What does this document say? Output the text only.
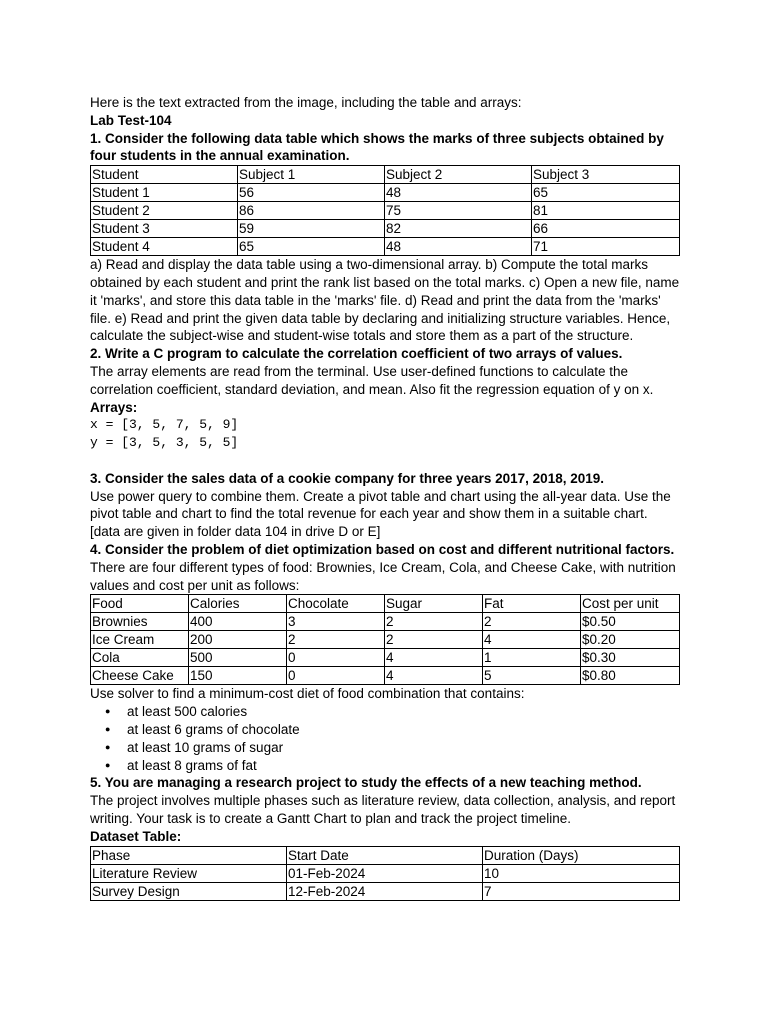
Here is the text extracted from the image, including the table and arrays:

Lab Test-104

1. Consider the following data table which shows the marks of three subjects obtained by four students in the annual examination.

Student	Subject 1	Subject 2	Subject 3
Student 1	56	48	65
Student 2	86	75	81
Student 3	59	82	66
Student 4	65	48	71

a) Read and display the data table using a two-dimensional array. b) Compute the total marks obtained by each student and print the rank list based on the total marks. c) Open a new file, name it 'marks', and store this data table in the 'marks' file. d) Read and print the data from the 'marks' file. e) Read and print the given data table by declaring and initializing structure variables. Hence, calculate the subject-wise and student-wise totals and store them as a part of the structure.

2. Write a C program to calculate the correlation coefficient of two arrays of values.

The array elements are read from the terminal. Use user-defined functions to calculate the correlation coefficient, standard deviation, and mean. Also fit the regression equation of y on x.

Arrays:

x = [3, 5, 7, 5, 9]

y = [3, 5, 3, 5, 5]

3. Consider the sales data of a cookie company for three years 2017, 2018, 2019.

Use power query to combine them. Create a pivot table and chart using the all-year data. Use the pivot table and chart to find the total revenue for each year and show them in a suitable chart. [data are given in folder data 104 in drive D or E]

4. Consider the problem of diet optimization based on cost and different nutritional factors.

There are four different types of food: Brownies, Ice Cream, Cola, and Cheese Cake, with nutrition values and cost per unit as follows:

Food	Calories	Chocolate	Sugar	Fat	Cost per unit
Brownies	400	3	2	2	$0.50
Ice Cream	200	2	2	4	$0.20
Cola	500	0	4	1	$0.30
Cheese Cake	150	0	4	5	$0.80

Use solver to find a minimum-cost diet of food combination that contains:

● at least 500 calories
● at least 6 grams of chocolate
● at least 10 grams of sugar
● at least 8 grams of fat

5. You are managing a research project to study the effects of a new teaching method.

The project involves multiple phases such as literature review, data collection, analysis, and report writing. Your task is to create a Gantt Chart to plan and track the project timeline.

Dataset Table:

Phase	Start Date	Duration (Days)
Literature Review	01-Feb-2024	10
Survey Design	12-Feb-2024	7
